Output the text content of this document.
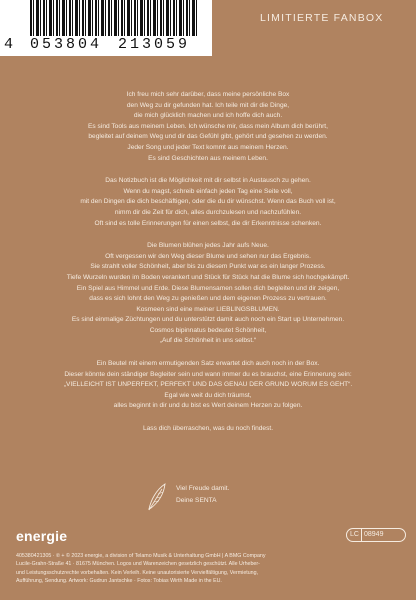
4 053804 213059
LIMITIERTE FANBOX
Ich freu mich sehr darüber, dass meine persönliche Box
den Weg zu dir gefunden hat. Ich teile mit dir die Dinge,
die mich glücklich machen und ich hoffe dich auch.
Es sind Tools aus meinem Leben. Ich wünsche mir, dass mein Album dich berührt,
begleitet auf deinem Weg und dir das Gefühl gibt, gehört und gesehen zu werden.
Jeder Song und jeder Text kommt aus meinem Herzen.
Es sind Geschichten aus meinem Leben.
Das Notizbuch ist die Möglichkeit mit dir selbst in Austausch zu gehen.
Wenn du magst, schreib einfach jeden Tag eine Seite voll,
mit den Dingen die dich beschäftigen, oder die du dir wünschst. Wenn das Buch voll ist,
nimm dir die Zeit für dich, alles durchzulesen und nachzufühlen.
Oft sind es tolle Erinnerungen für einen selbst, die dir Erkenntnisse schenken.
Die Blumen blühen jedes Jahr aufs Neue.
Oft vergessen wir den Weg dieser Blume und sehen nur das Ergebnis.
Sie strahlt voller Schönheit, aber bis zu diesem Punkt war es ein langer Prozess.
Tiefe Wurzeln wurden im Boden verankert und Stück für Stück hat die Blume sich hochgekämpft.
Ein Spiel aus Himmel und Erde. Diese Blumensamen sollen dich begleiten und dir zeigen,
dass es sich lohnt den Weg zu genießen und dem eigenen Prozess zu vertrauen.
Kosmeen sind eine meiner LIEBLINGSBLUMEN.
Es sind einmalige Züchtungen und du unterstützt damit auch noch ein Start up Unternehmen.
Cosmos bipinnatus bedeutet Schönheit,
„Auf die Schönheit in uns selbst.“
Ein Beutel mit einem ermutigenden Satz erwartet dich auch noch in der Box.
Dieser könnte dein ständiger Begleiter sein und wann immer du es brauchst, eine Erinnerung sein:
„VIELLEICHT IST UNPERFEKT, PERFEKT UND DAS GENAU DER GRUND WORUM ES GEHT“.
Egal wie weit du dich träumst,
alles beginnt in dir und du bist es Wert deinem Herzen zu folgen.
Lass dich überraschen, was du noch findest.
Viel Freude damit.
Deine SENTA
energie	LC 08949
405380421305 · ℗ + © 2023 energie, a division of Telamo Musik & Unterhaltung GmbH | A BMG Company
Lucile-Grahn-Straße 41 · 81675 München. Logos und Warenzeichen gesetzlich geschützt. Alle Urheber-
und Leistungsschutzrechte vorbehalten. Kein Verleih. Keine unautorisierte Vervielfältigung, Vermietung,
Aufführung, Sendung. Artwork: Gudrun Jantschke · Fotos: Tobias Wirth Made in the EU.
